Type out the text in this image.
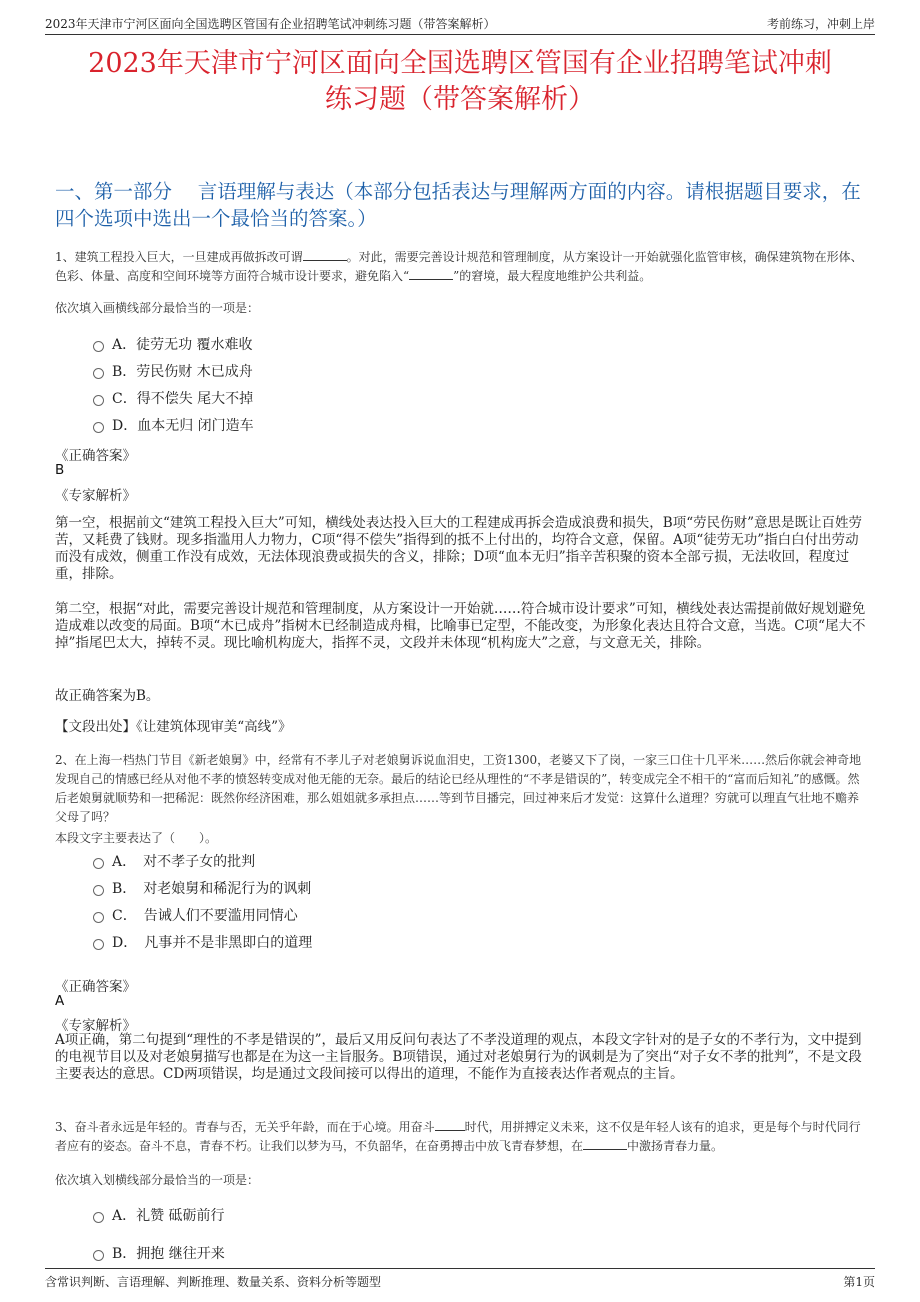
2023年天津市宁河区面向全国选聘区管国有企业招聘笔试冲刺练习题（带答案解析）	考前练习，冲刺上岸
2023年天津市宁河区面向全国选聘区管国有企业招聘笔试冲刺
练习题（带答案解析）
一、第一部分　 言语理解与表达（本部分包括表达与理解两方面的内容。请根据题目要求，在四个选项中选出一个最恰当的答案。）
1、建筑工程投入巨大，一旦建成再做拆改可谓	。对此，需要完善设计规范和管理制度，从方案设计一开始就强化监管审核，确保建筑物在形体、色彩、体量、高度和空间环境等方面符合城市设计要求，避免陷入“	”的窘境，最大程度地维护公共利益。
依次填入画横线部分最恰当的一项是：
A．徒劳无功 覆水难收
B．劳民伤财 木已成舟
C．得不偿失 尾大不掉
D．血本无归 闭门造车
《正确答案》
B
《专家解析》
第一空，根据前文“建筑工程投入巨大”可知，横线处表达投入巨大的工程建成再拆会造成浪费和损失，B项“劳民伤财”意思是既让百姓劳苦，又耗费了钱财。现多指滥用人力物力，C项“得不偿失”指得到的抵不上付出的，均符合文意，保留。A项“徒劳无功”指白白付出劳动而没有成效，侧重工作没有成效，无法体现浪费或损失的含义，排除；D项“血本无归”指辛苦积聚的资本全部亏损，无法收回，程度过重，排除。
第二空，根据“对此，需要完善设计规范和管理制度，从方案设计一开始就……符合城市设计要求”可知，横线处表达需提前做好规划避免造成难以改变的局面。B项“木已成舟”指树木已经制造成舟楫，比喻事已定型，不能改变，为形象化表达且符合文意，当选。C项“尾大不掉”指尾巴太大，掉转不灵。现比喻机构庞大，指挥不灵，文段并未体现“机构庞大”之意，与文意无关，排除。
故正确答案为B。
【文段出处】《让建筑体现审美“高线”》
2、在上海一档热门节目《新老娘舅》中，经常有不孝儿子对老娘舅诉说血泪史，工资1300，老婆又下了岗，一家三口住十几平米……然后你就会神奇地发现自己的情感已经从对他不孝的愤怒转变成对他无能的无奈。最后的结论已经从理性的“不孝是错误的”，转变成完全不相干的“富而后知礼”的感慨。然后老娘舅就顺势和一把稀泥：既然你经济困难，那么姐姐就多承担点……等到节目播完，回过神来后才发觉：这算什么道理？穷就可以理直气壮地不赡养父母了吗？
本段文字主要表达了（　　）。
A．　对不孝子女的批判
B．　对老娘舅和稀泥行为的讽刺
C．　告诫人们不要滥用同情心
D．　凡事并不是非黑即白的道理
《正确答案》
A
《专家解析》
A项正确，第二句提到“理性的不孝是错误的”，最后又用反问句表达了不孝没道理的观点，本段文字针对的是子女的不孝行为，文中提到的电视节目以及对老娘舅描写也都是在为这一主旨服务。B项错误，通过对老娘舅行为的讽刺是为了突出“对子女不孝的批判”，不是文段主要表达的意思。CD两项错误，均是通过文段间接可以得出的道理，不能作为直接表达作者观点的主旨。
3、奋斗者永远是年轻的。青春与否，无关乎年龄，而在于心境。用奋斗	时代，用拼搏定义未来，这不仅是年轻人该有的追求，更是每个与时代同行者应有的姿态。奋斗不息，青春不朽。让我们以梦为马，不负韶华，在奋勇搏击中放飞青春梦想，在	中激扬青春力量。
依次填入划横线部分最恰当的一项是：
A．礼赞 砥砺前行
B．拥抱 继往开来
含常识判断、言语理解、判断推理、数量关系、资料分析等题型	第1页
